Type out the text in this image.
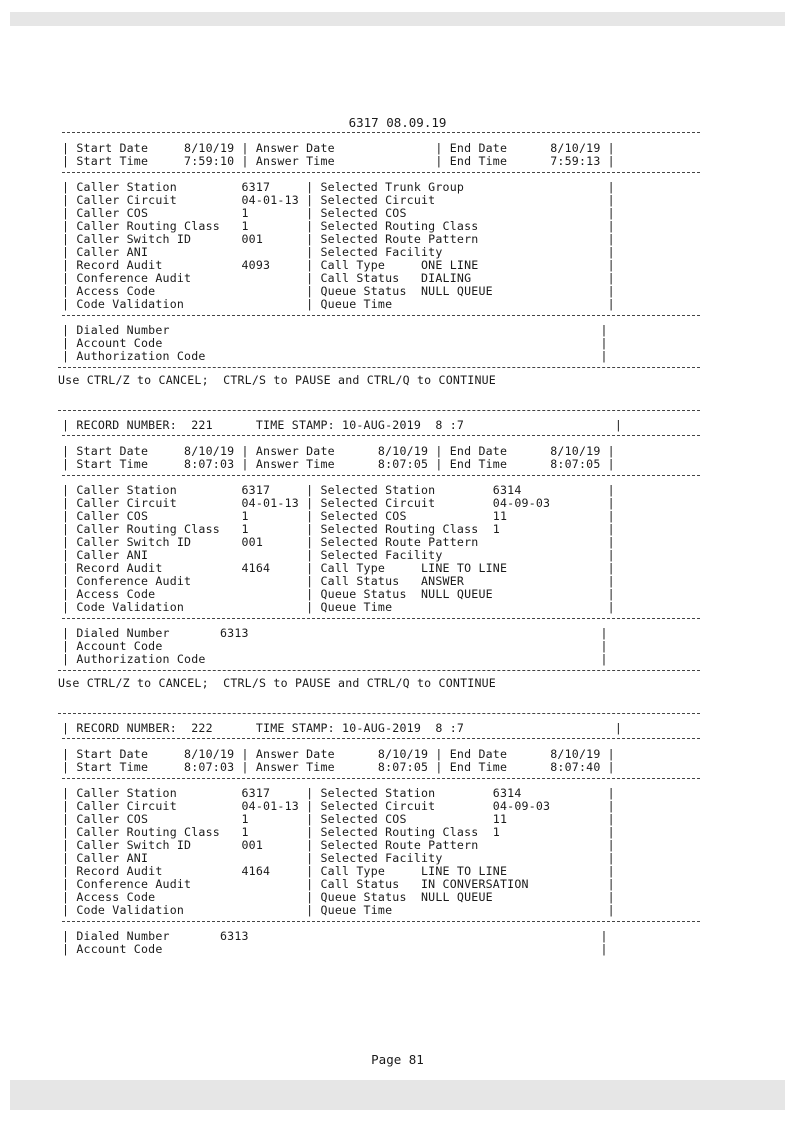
6317 08.09.19
| Start Date     8/10/19 | Answer Date              | End Date      8/10/19 |
| Start Time     7:59:10 | Answer Time              | End Time      7:59:13 |
| Caller Station         6317     | Selected Trunk Group                    |
| Caller Circuit         04-01-13 | Selected Circuit                        |
| Caller COS             1        | Selected COS                            |
| Caller Routing Class   1        | Selected Routing Class                  |
| Caller Switch ID       001      | Selected Route Pattern                  |
| Caller ANI                      | Selected Facility                       |
| Record Audit           4093     | Call Type     ONE LINE                  |
| Conference Audit                | Call Status   DIALING                   |
| Access Code                     | Queue Status  NULL QUEUE                |
| Code Validation                 | Queue Time                              |
| Dialed Number                                                            |
| Account Code                                                             |
| Authorization Code                                                       |
Use CTRL/Z to CANCEL;  CTRL/S to PAUSE and CTRL/Q to CONTINUE
| RECORD NUMBER:  221      TIME STAMP: 10-AUG-2019  8 :7                     |
| Start Date     8/10/19 | Answer Date      8/10/19 | End Date      8/10/19 |
| Start Time     8:07:03 | Answer Time      8:07:05 | End Time      8:07:05 |
| Caller Station         6317     | Selected Station        6314            |
| Caller Circuit         04-01-13 | Selected Circuit        04-09-03        |
| Caller COS             1        | Selected COS            11              |
| Caller Routing Class   1        | Selected Routing Class  1               |
| Caller Switch ID       001      | Selected Route Pattern                  |
| Caller ANI                      | Selected Facility                       |
| Record Audit           4164     | Call Type     LINE TO LINE              |
| Conference Audit                | Call Status   ANSWER                    |
| Access Code                     | Queue Status  NULL QUEUE                |
| Code Validation                 | Queue Time                              |
| Dialed Number       6313                                                 |
| Account Code                                                             |
| Authorization Code                                                       |
Use CTRL/Z to CANCEL;  CTRL/S to PAUSE and CTRL/Q to CONTINUE
| RECORD NUMBER:  222      TIME STAMP: 10-AUG-2019  8 :7                     |
| Start Date     8/10/19 | Answer Date      8/10/19 | End Date      8/10/19 |
| Start Time     8:07:03 | Answer Time      8:07:05 | End Time      8:07:40 |
| Caller Station         6317     | Selected Station        6314            |
| Caller Circuit         04-01-13 | Selected Circuit        04-09-03        |
| Caller COS             1        | Selected COS            11              |
| Caller Routing Class   1        | Selected Routing Class  1               |
| Caller Switch ID       001      | Selected Route Pattern                  |
| Caller ANI                      | Selected Facility                       |
| Record Audit           4164     | Call Type     LINE TO LINE              |
| Conference Audit                | Call Status   IN CONVERSATION           |
| Access Code                     | Queue Status  NULL QUEUE                |
| Code Validation                 | Queue Time                              |
| Dialed Number       6313                                                 |
| Account Code                                                             |
Page 81
